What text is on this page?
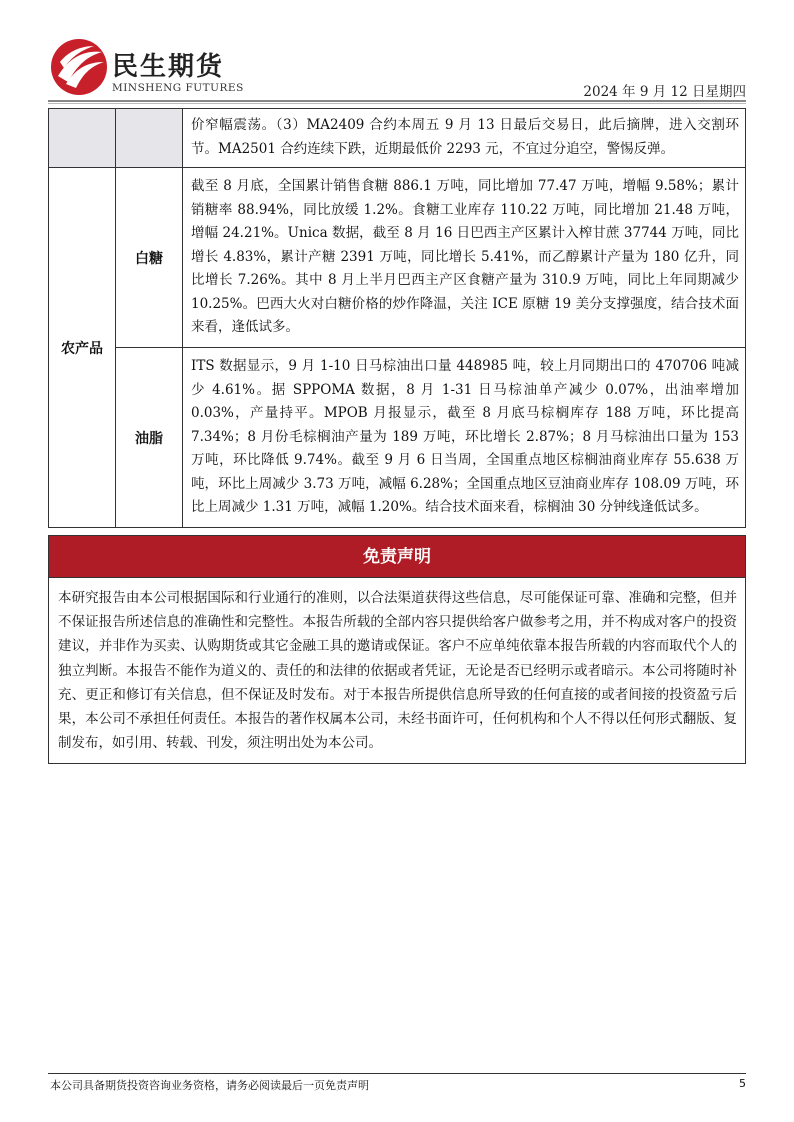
民生期货
MINSHENG FUTURES	2024 年 9 月 12 日星期四
		价窄幅震荡。（3）MA2409 合约本周五 9 月 13 日最后交易日，此后摘牌，进入交割环节。MA2501 合约连续下跌，近期最低价 2293 元，不宜过分追空，警惕反弹。
农产品	白糖	截至 8 月底，全国累计销售食糖 886.1 万吨，同比增加 77.47 万吨，增幅 9.58%；累计销糖率 88.94%，同比放缓 1.2%。食糖工业库存 110.22 万吨，同比增加 21.48 万吨，增幅 24.21%。Unica 数据，截至 8 月 16 日巴西主产区累计入榨甘蔗 37744 万吨，同比增长 4.83%，累计产糖 2391 万吨，同比增长 5.41%，而乙醇累计产量为 180 亿升，同比增长 7.26%。其中 8 月上半月巴西主产区食糖产量为 310.9 万吨，同比上年同期减少 10.25%。巴西大火对白糖价格的炒作降温，关注 ICE 原糖 19 美分支撑强度，结合技术面来看，逢低试多。
	油脂	ITS 数据显示，9 月 1-10 日马棕油出口量 448985 吨，较上月同期出口的 470706 吨减少 4.61%。据 SPPOMA 数据，8 月 1-31 日马棕油单产减少 0.07%，出油率增加 0.03%，产量持平。MPOB 月报显示，截至 8 月底马棕榈库存 188 万吨，环比提高 7.34%；8 月份毛棕榈油产量为 189 万吨，环比增长 2.87%；8 月马棕油出口量为 153 万吨，环比降低 9.74%。截至 9 月 6 日当周，全国重点地区棕榈油商业库存 55.638 万吨，环比上周减少 3.73 万吨，减幅 6.28%；全国重点地区豆油商业库存 108.09 万吨，环比上周减少 1.31 万吨，减幅 1.20%。结合技术面来看，棕榈油 30 分钟线逢低试多。
免责声明
本研究报告由本公司根据国际和行业通行的准则，以合法渠道获得这些信息，尽可能保证可靠、准确和完整，但并不保证报告所述信息的准确性和完整性。本报告所载的全部内容只提供给客户做参考之用，并不构成对客户的投资建议，并非作为买卖、认购期货或其它金融工具的邀请或保证。客户不应单纯依靠本报告所载的内容而取代个人的独立判断。本报告不能作为道义的、责任的和法律的依据或者凭证，无论是否已经明示或者暗示。本公司将随时补充、更正和修订有关信息，但不保证及时发布。对于本报告所提供信息所导致的任何直接的或者间接的投资盈亏后果，本公司不承担任何责任。本报告的著作权属本公司，未经书面许可，任何机构和个人不得以任何形式翻版、复制发布，如引用、转载、刊发，须注明出处为本公司。
本公司具备期货投资咨询业务资格，请务必阅读最后一页免责声明	5
